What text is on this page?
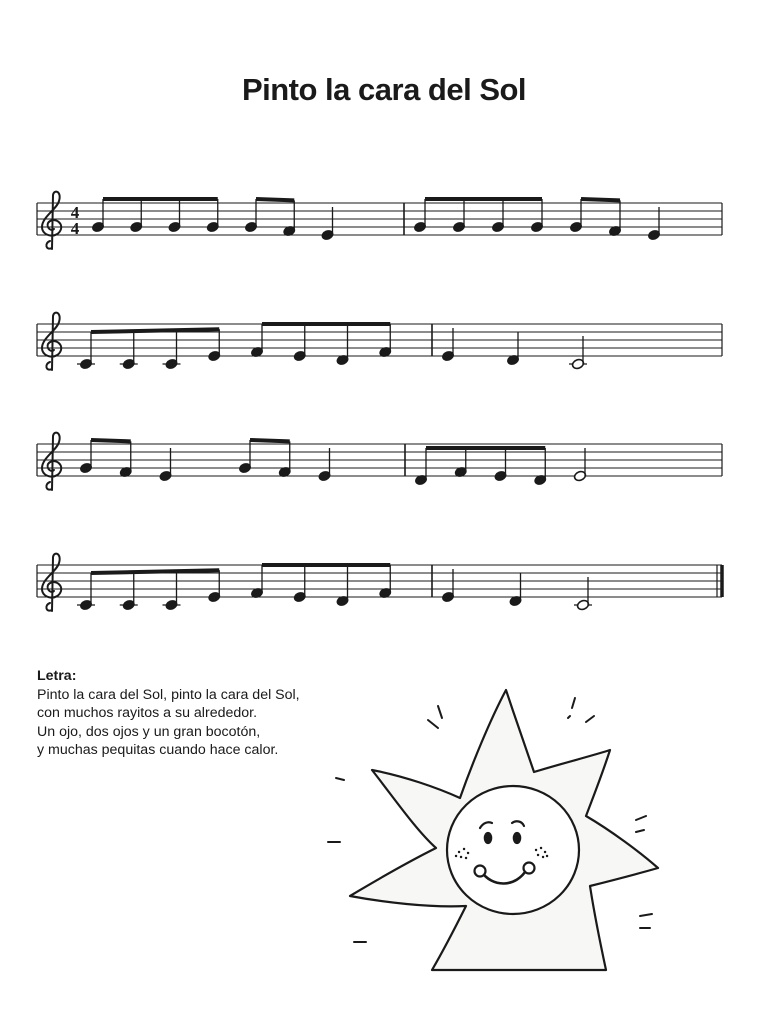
Pinto la cara del Sol
4
4
Letra:
Pinto la cara del Sol, pinto la cara del Sol,
con muchos rayitos a su alrededor.
Un ojo, dos ojos y un gran bocotón,
y muchas pequitas cuando hace calor.
